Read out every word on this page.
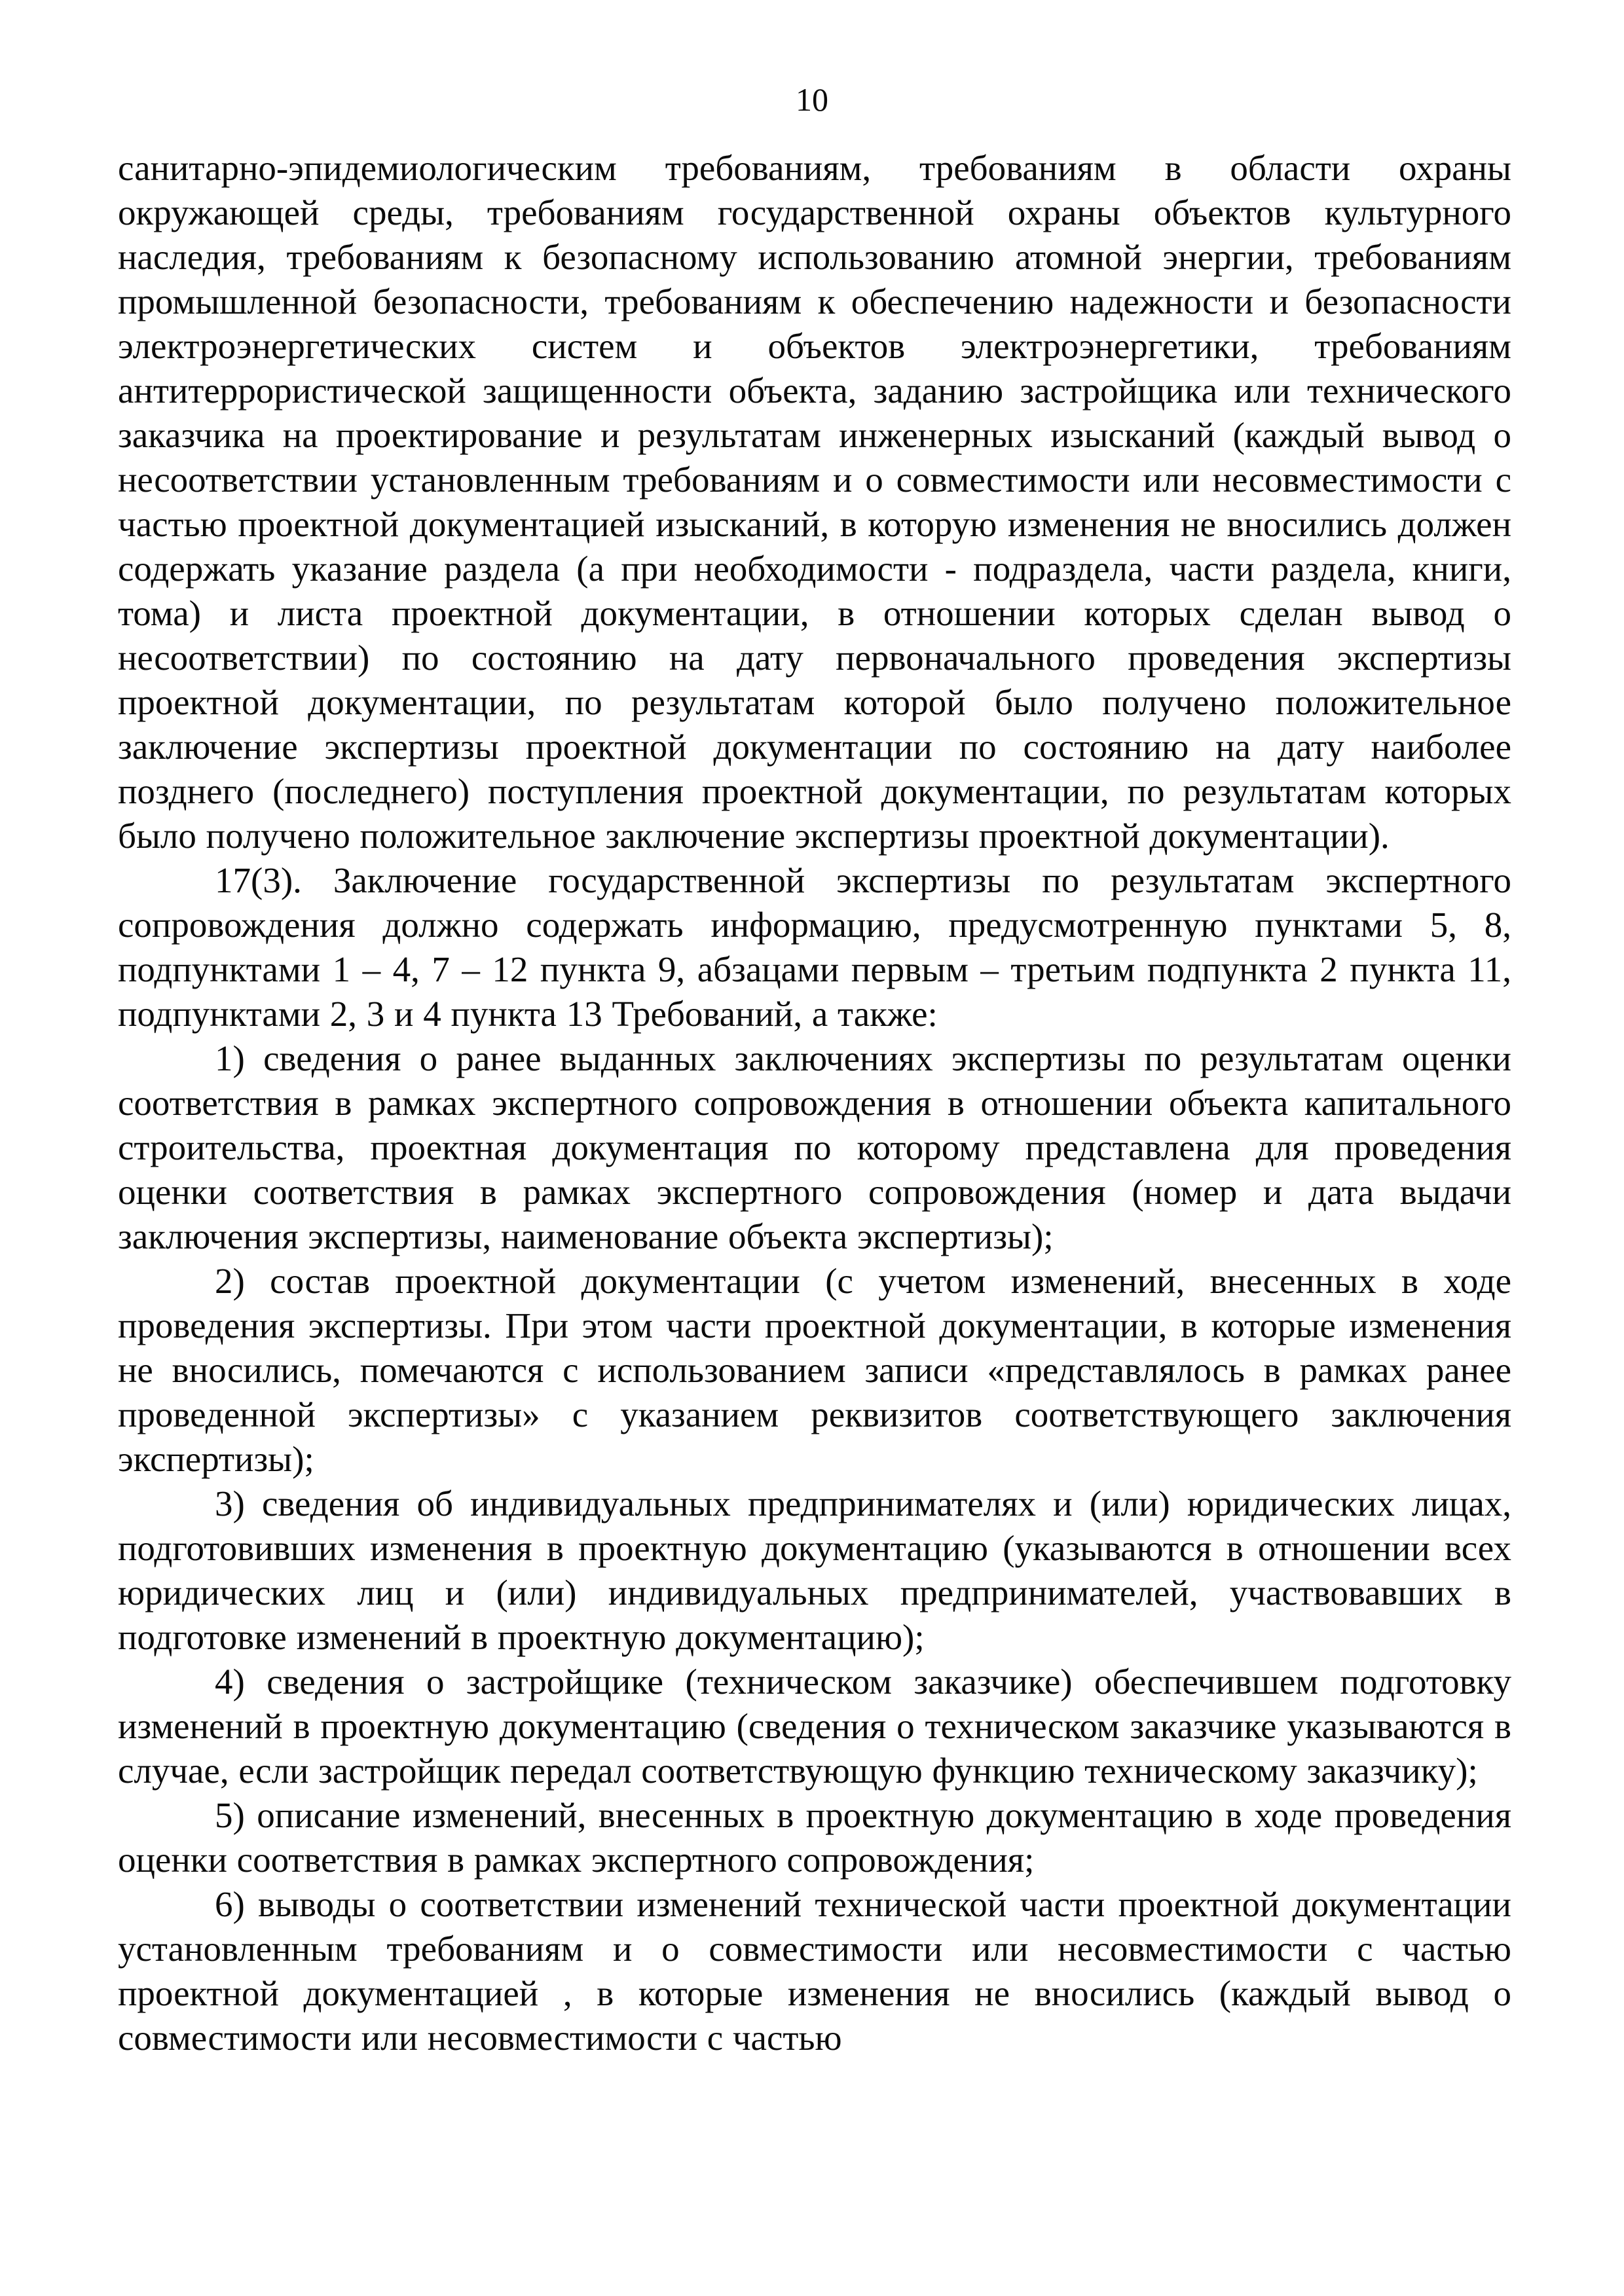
10

санитарно-эпидемиологическим требованиям, требованиям в области охраны окружающей среды, требованиям государственной охраны объектов культурного наследия, требованиям к безопасному использованию атомной энергии, требованиям промышленной безопасности, требованиям к обеспечению надежности и безопасности электроэнергетических систем и объектов электроэнергетики, требованиям антитеррористической защищенности объекта, заданию застройщика или технического заказчика на проектирование и результатам инженерных изысканий (каждый вывод о несоответствии установленным требованиям и о совместимости или несовместимости с частью проектной документацией изысканий, в которую изменения не вносились должен содержать указание раздела (а при необходимости - подраздела, части раздела, книги, тома) и листа проектной документации, в отношении которых сделан вывод о несоответствии) по состоянию на дату первоначального проведения экспертизы проектной документации, по результатам которой было получено положительное заключение экспертизы проектной документации по состоянию на дату наиболее позднего (последнего) поступления проектной документации, по результатам которых было получено положительное заключение экспертизы проектной документации).

17(3). Заключение государственной экспертизы по результатам экспертного сопровождения должно содержать информацию, предусмотренную пунктами 5, 8, подпунктами 1 – 4, 7 – 12 пункта 9, абзацами первым – третьим подпункта 2 пункта 11, подпунктами 2, 3 и 4 пункта 13 Требований, а также:

1) сведения о ранее выданных заключениях экспертизы по результатам оценки соответствия в рамках экспертного сопровождения в отношении объекта капитального строительства, проектная документация по которому представлена для проведения оценки соответствия в рамках экспертного сопровождения (номер и дата выдачи заключения экспертизы, наименование объекта экспертизы);

2) состав проектной документации (с учетом изменений, внесенных в ходе проведения экспертизы. При этом части проектной документации, в которые изменения не вносились, помечаются с использованием записи «представлялось в рамках ранее проведенной экспертизы» с указанием реквизитов соответствующего заключения экспертизы);

3) сведения об индивидуальных предпринимателях и (или) юридических лицах, подготовивших изменения в проектную документацию (указываются в отношении всех юридических лиц и (или) индивидуальных предпринимателей, участвовавших в подготовке изменений в проектную документацию);

4) сведения о застройщике (техническом заказчике) обеспечившем подготовку изменений в проектную документацию (сведения о техническом заказчике указываются в случае, если застройщик передал соответствующую функцию техническому заказчику);

5) описание изменений, внесенных в проектную документацию в ходе проведения оценки соответствия в рамках экспертного сопровождения;

6) выводы о соответствии изменений технической части проектной документации установленным требованиям и о совместимости или несовместимости с частью проектной документацией , в которые изменения не вносились (каждый вывод о совместимости или несовместимости с частью
